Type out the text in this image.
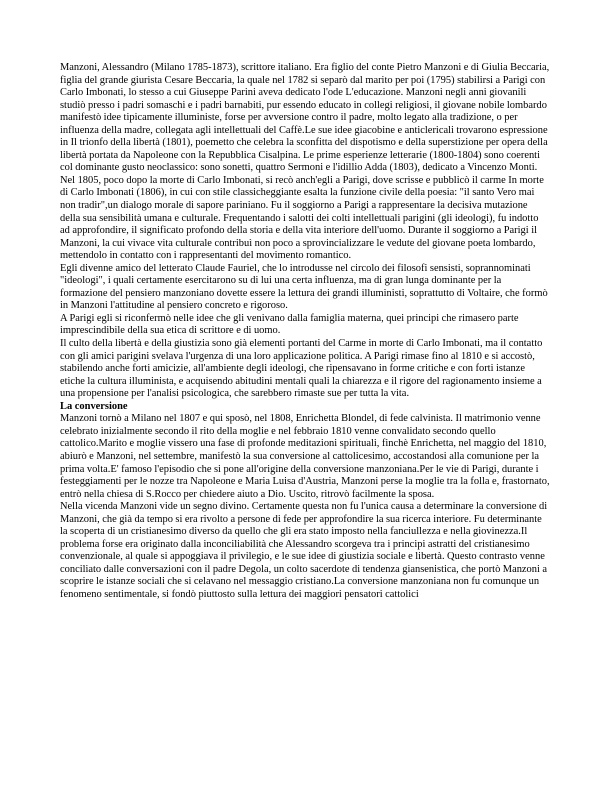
Manzoni, Alessandro (Milano 1785-1873), scrittore italiano. Era figlio del conte Pietro Manzoni e di Giulia Beccaria, figlia del grande giurista Cesare Beccaria, la quale nel 1782 si separò dal marito per poi (1795) stabilirsi a Parigi con Carlo Imbonati, lo stesso a cui Giuseppe Parini aveva dedicato l'ode L'educazione. Manzoni negli anni giovanili studiò presso i padri somaschi e i padri barnabiti, pur essendo educato in collegi religiosi, il giovane nobile lombardo manifestò idee tipicamente illuministe, forse per avversione contro il padre, molto legato alla tradizione, o per influenza della madre, collegata agli intellettuali del Caffè.Le sue idee giacobine e anticlericali trovarono espressione in Il trionfo della libertà (1801), poemetto che celebra la sconfitta del dispotismo e della superstizione per opera della libertà portata da Napoleone con la Repubblica Cisalpina. Le prime esperienze letterarie (1800-1804) sono coerenti col dominante gusto neoclassico: sono sonetti, quattro Sermoni e l'idillio Adda (1803), dedicato a Vincenzo Monti. Nel 1805, poco dopo la morte di Carlo Imbonati, si recò anch'egli a Parigi, dove scrisse e pubblicò il carme In morte di Carlo Imbonati (1806), in cui con stile classicheggiante esalta la funzione civile della poesia: "il santo Vero mai non tradir",un dialogo morale di sapore pariniano. Fu il soggiorno a Parigi a rappresentare la decisiva mutazione della sua sensibilità umana e culturale. Frequentando i salotti dei colti intellettuali parigini (gli ideologi), fu indotto ad approfondire, il significato profondo della storia e della vita interiore dell'uomo. Durante il soggiorno a Parigi il Manzoni, la cui vivace vita culturale contribuì non poco a sprovincializzare le vedute del giovane poeta lombardo, mettendolo in contatto con i rappresentanti del movimento romantico.

Egli divenne amico del letterato Claude Fauriel, che lo introdusse nel circolo dei filosofi sensisti, soprannominati "ideologi", i quali certamente esercitarono su di lui una certa influenza, ma di gran lunga dominante per la formazione del pensiero manzoniano dovette essere la lettura dei grandi illuministi, soprattutto di Voltaire, che formò in Manzoni l'attitudine al pensiero concreto e rigoroso.

A Parigi egli si riconfermò nelle idee che gli venivano dalla famiglia materna, quei principi che rimasero parte imprescindibile della sua etica di scrittore e di uomo.

Il culto della libertà e della giustizia sono già elementi portanti del Carme in morte di Carlo Imbonati, ma il contatto con gli amici parigini svelava l'urgenza di una loro applicazione politica. A Parigi rimase fino al 1810 e si accostò, stabilendo anche forti amicizie, all'ambiente degli ideologi, che ripensavano in forme critiche e con forti istanze etiche la cultura illuminista, e acquisendo abitudini mentali quali la chiarezza e il rigore del ragionamento insieme a una propensione per l'analisi psicologica, che sarebbero rimaste sue per tutta la vita.

La conversione

Manzoni tornò a Milano nel 1807 e qui sposò, nel 1808, Enrichetta Blondel, di fede calvinista. Il matrimonio venne celebrato inizialmente secondo il rito della moglie e nel febbraio 1810 venne convalidato secondo quello cattolico.Marito e moglie vissero una fase di profonde meditazioni spirituali, finchè Enrichetta, nel maggio del 1810, abiurò e Manzoni, nel settembre, manifestò la sua conversione al cattolicesimo, accostandosi alla comunione per la prima volta.E' famoso l'episodio che si pone all'origine della conversione manzoniana.Per le vie di Parigi, durante i festeggiamenti per le nozze tra Napoleone e Maria Luisa d'Austria, Manzoni perse la moglie tra la folla e, frastornato, entrò nella chiesa di S.Rocco per chiedere aiuto a Dio. Uscito, ritrovò facilmente la sposa.

Nella vicenda Manzoni vide un segno divino. Certamente questa non fu l'unica causa a determinare la conversione di Manzoni, che già da tempo si era rivolto a persone di fede per approfondire la sua ricerca interiore. Fu determinante la scoperta di un cristianesimo diverso da quello che gli era stato imposto nella fanciullezza e nella giovinezza.Il problema forse era originato dalla inconciliabilità che Alessandro scorgeva tra i principi astratti del cristianesimo convenzionale, al quale si appoggiava il privilegio, e le sue idee di giustizia sociale e libertà. Questo contrasto venne conciliato dalle conversazioni con il padre Degola, un colto sacerdote di tendenza giansenistica, che portò Manzoni a scoprire le istanze sociali che si celavano nel messaggio cristiano.La conversione manzoniana non fu comunque un fenomeno sentimentale, si fondò piuttosto sulla lettura dei maggiori pensatori cattolici
